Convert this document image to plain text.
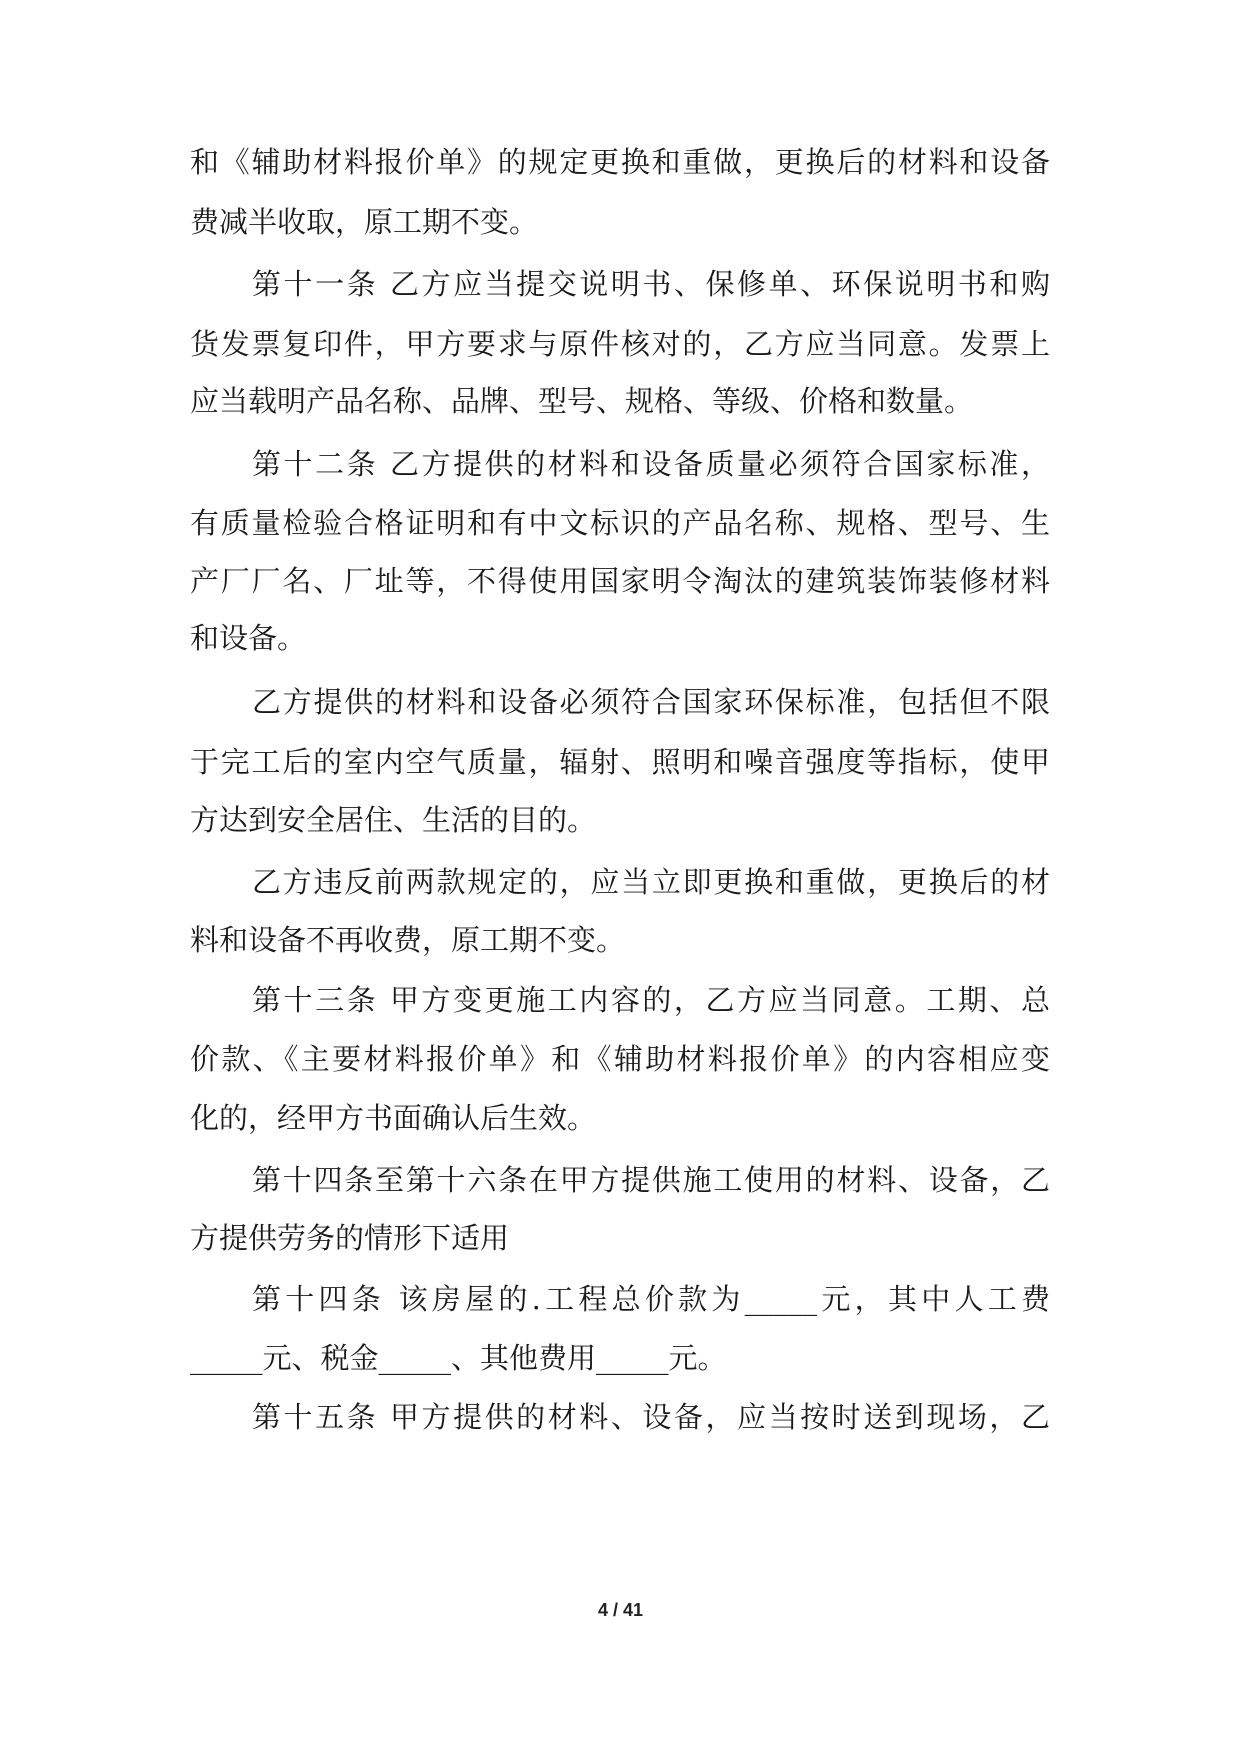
和《辅助材料报价单》的规定更换和重做，更换后的材料和设备
费减半收取，原工期不变。
第十一条 乙方应当提交说明书、保修单、环保说明书和购
货发票复印件，甲方要求与原件核对的，乙方应当同意。发票上
应当载明产品名称、品牌、型号、规格、等级、价格和数量。
第十二条 乙方提供的材料和设备质量必须符合国家标准，
有质量检验合格证明和有中文标识的产品名称、规格、型号、生
产厂厂名、厂址等，不得使用国家明令淘汰的建筑装饰装修材料
和设备。
乙方提供的材料和设备必须符合国家环保标准，包括但不限
于完工后的室内空气质量，辐射、照明和噪音强度等指标，使甲
方达到安全居住、生活的目的。
乙方违反前两款规定的，应当立即更换和重做，更换后的材
料和设备不再收费，原工期不变。
第十三条 甲方变更施工内容的，乙方应当同意。工期、总
价款、《主要材料报价单》和《辅助材料报价单》的内容相应变
化的，经甲方书面确认后生效。
第十四条至第十六条在甲方提供施工使用的材料、设备，乙
方提供劳务的情形下适用
第十四条 该房屋的.工程总价款为_____元，其中人工费
_____元、税金_____、其他费用_____元。
第十五条 甲方提供的材料、设备，应当按时送到现场，乙
4 / 41
